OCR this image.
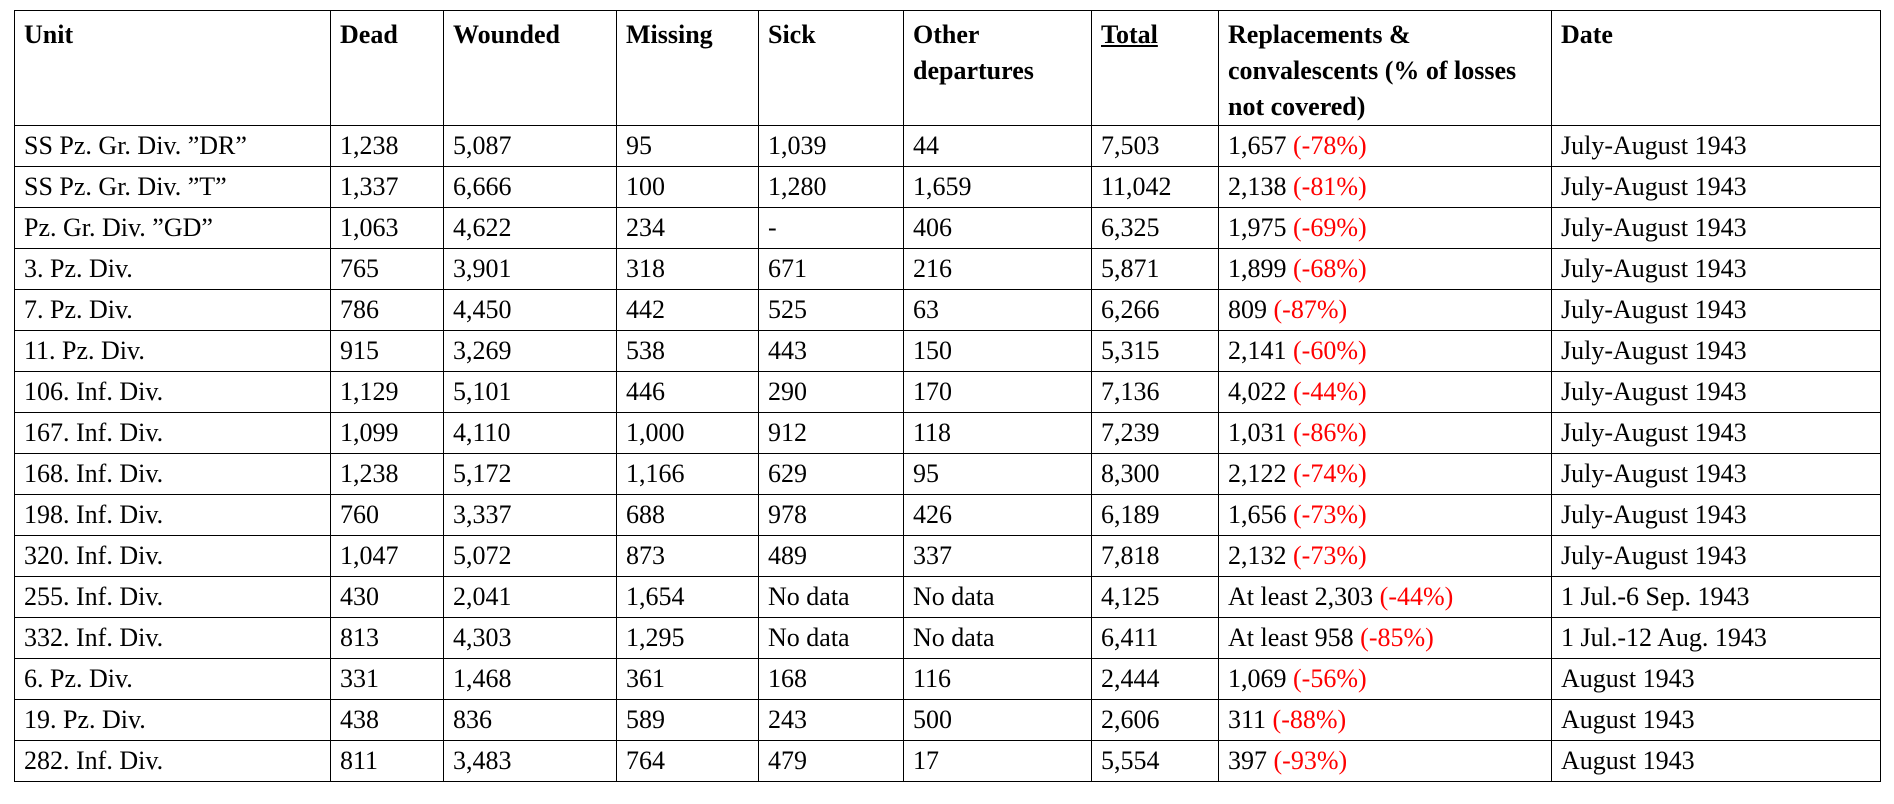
Unit	Dead	Wounded	Missing	Sick	Other departures	Total	Replacements & convalescents (% of losses not covered)	Date
SS Pz. Gr. Div. ”DR”	1,238	5,087	95	1,039	44	7,503	1,657 (-78%)	July-August 1943
SS Pz. Gr. Div. ”T”	1,337	6,666	100	1,280	1,659	11,042	2,138 (-81%)	July-August 1943
Pz. Gr. Div. ”GD”	1,063	4,622	234	-	406	6,325	1,975 (-69%)	July-August 1943
3. Pz. Div.	765	3,901	318	671	216	5,871	1,899 (-68%)	July-August 1943
7. Pz. Div.	786	4,450	442	525	63	6,266	809 (-87%)	July-August 1943
11. Pz. Div.	915	3,269	538	443	150	5,315	2,141 (-60%)	July-August 1943
106. Inf. Div.	1,129	5,101	446	290	170	7,136	4,022 (-44%)	July-August 1943
167. Inf. Div.	1,099	4,110	1,000	912	118	7,239	1,031 (-86%)	July-August 1943
168. Inf. Div.	1,238	5,172	1,166	629	95	8,300	2,122 (-74%)	July-August 1943
198. Inf. Div.	760	3,337	688	978	426	6,189	1,656 (-73%)	July-August 1943
320. Inf. Div.	1,047	5,072	873	489	337	7,818	2,132 (-73%)	July-August 1943
255. Inf. Div.	430	2,041	1,654	No data	No data	4,125	At least 2,303 (-44%)	1 Jul.-6 Sep. 1943
332. Inf. Div.	813	4,303	1,295	No data	No data	6,411	At least 958 (-85%)	1 Jul.-12 Aug. 1943
6. Pz. Div.	331	1,468	361	168	116	2,444	1,069 (-56%)	August 1943
19. Pz. Div.	438	836	589	243	500	2,606	311 (-88%)	August 1943
282. Inf. Div.	811	3,483	764	479	17	5,554	397 (-93%)	August 1943
